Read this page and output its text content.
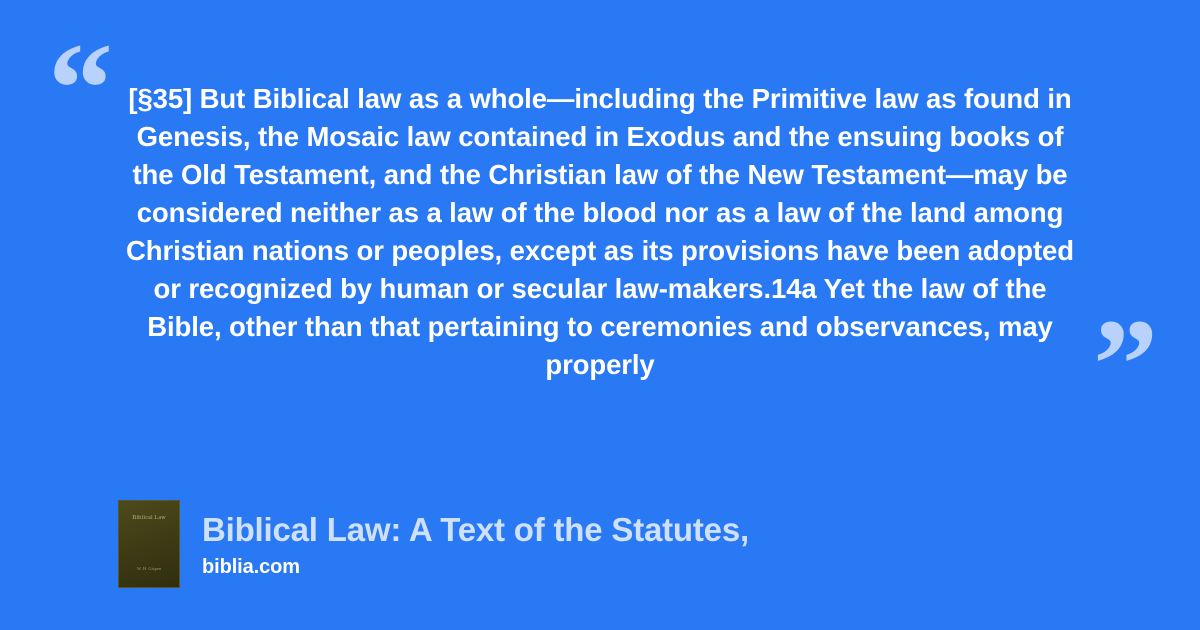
“ [§35] But Biblical law as a whole—including the Primitive law as found in Genesis, the Mosaic law contained in Exodus and the ensuing books of the Old Testament, and the Christian law of the New Testament—may be considered neither as a law of the blood nor as a law of the land among Christian nations or peoples, except as its provisions have been adopted or recognized by human or secular law-makers.14a Yet the law of the Bible, other than that pertaining to ceremonies and observances, may properly	”
Biblical Law
W. H. Gispen
Biblical Law: A Text of the Statutes,
biblia.com
